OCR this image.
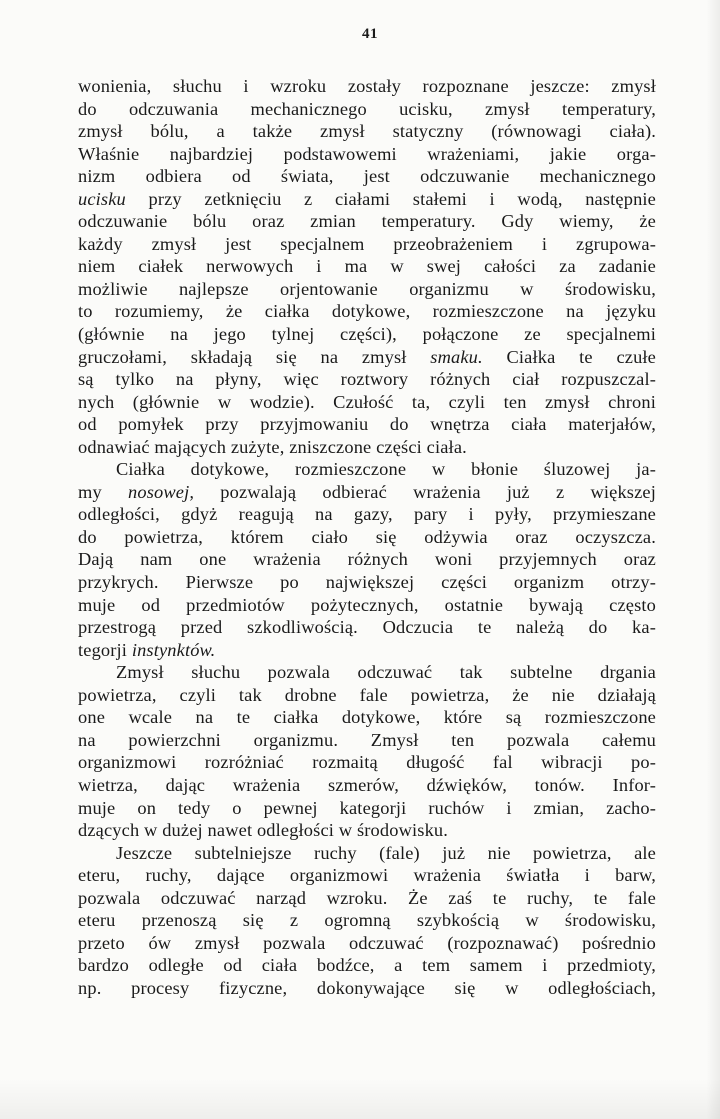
41
wonienia, słuchu i wzroku zostały rozpoznane jeszcze: zmysł
do odczuwania mechanicznego ucisku, zmysł temperatury,
zmysł bólu, a także zmysł statyczny (równowagi ciała).
Właśnie najbardziej podstawowemi wrażeniami, jakie orga-
nizm odbiera od świata, jest odczuwanie mechanicznego
ucisku przy zetknięciu z ciałami stałemi i wodą, następnie
odczuwanie bólu oraz zmian temperatury. Gdy wiemy, że
każdy zmysł jest specjalnem przeobrażeniem i zgrupowa-
niem ciałek nerwowych i ma w swej całości za zadanie
możliwie najlepsze orjentowanie organizmu w środowisku,
to rozumiemy, że ciałka dotykowe, rozmieszczone na języku
(głównie na jego tylnej części), połączone ze specjalnemi
gruczołami, składają się na zmysł smaku. Ciałka te czułe
są tylko na płyny, więc roztwory różnych ciał rozpuszczal-
nych (głównie w wodzie). Czułość ta, czyli ten zmysł chroni
od pomyłek przy przyjmowaniu do wnętrza ciała materjałów,
odnawiać mających zużyte, zniszczone części ciała.
Ciałka dotykowe, rozmieszczone w błonie śluzowej ja-
my nosowej, pozwalają odbierać wrażenia już z większej
odległości, gdyż reagują na gazy, pary i pyły, przymieszane
do powietrza, którem ciało się odżywia oraz oczyszcza.
Dają nam one wrażenia różnych woni przyjemnych oraz
przykrych. Pierwsze po największej części organizm otrzy-
muje od przedmiotów pożytecznych, ostatnie bywają często
przestrogą przed szkodliwością. Odczucia te należą do ka-
tegorji instynktów.
Zmysł słuchu pozwala odczuwać tak subtelne drgania
powietrza, czyli tak drobne fale powietrza, że nie działają
one wcale na te ciałka dotykowe, które są rozmieszczone
na powierzchni organizmu. Zmysł ten pozwala całemu
organizmowi rozróżniać rozmaitą długość fal wibracji po-
wietrza, dając wrażenia szmerów, dźwięków, tonów. Infor-
muje on tedy o pewnej kategorji ruchów i zmian, zacho-
dzących w dużej nawet odległości w środowisku.
Jeszcze subtelniejsze ruchy (fale) już nie powietrza, ale
eteru, ruchy, dające organizmowi wrażenia światła i barw,
pozwala odczuwać narząd wzroku. Że zaś te ruchy, te fale
eteru przenoszą się z ogromną szybkością w środowisku,
przeto ów zmysł pozwala odczuwać (rozpoznawać) pośrednio
bardzo odległe od ciała bodźce, a tem samem i przedmioty,
np. procesy fizyczne, dokonywające się w odległościach,
